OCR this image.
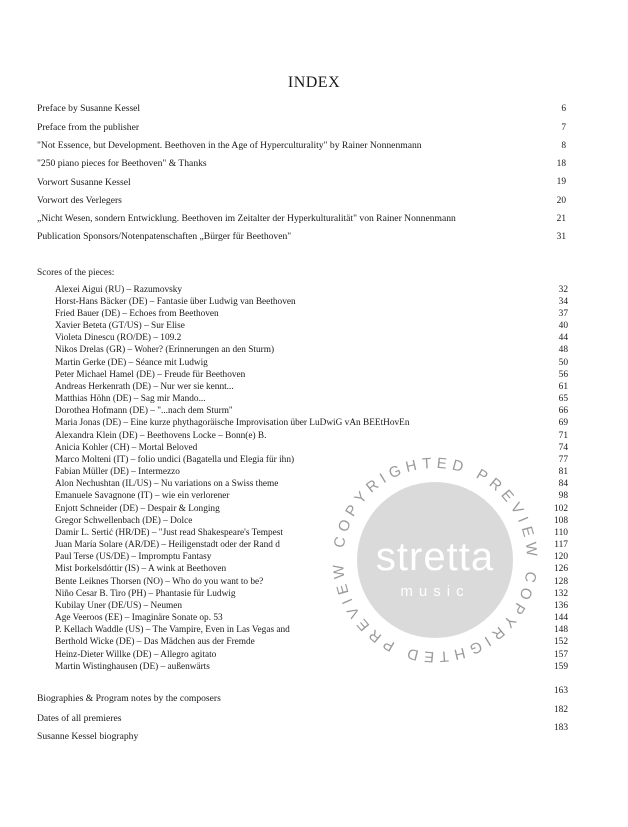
INDEX
Preface by Susanne Kessel	6
Preface from the publisher	7
"Not Essence, but Development. Beethoven in the Age of Hyperculturality" by Rainer Nonnenmann	8
"250 piano pieces for Beethoven" & Thanks	18
Vorwort Susanne Kessel	19
Vorwort des Verlegers	20
„Nicht Wesen, sondern Entwicklung. Beethoven im Zeitalter der Hyperkulturalität" von Rainer Nonnenmann	21
Publication Sponsors/Notenpatenschaften „Bürger für Beethoven"	31
Scores of the pieces:
Alexei Aigui (RU) – Razumovsky	32
Horst-Hans Bäcker (DE) – Fantasie über Ludwig van Beethoven	34
Fried Bauer (DE) – Echoes from Beethoven	37
Xavier Beteta (GT/US) – Sur Elise	40
Violeta Dinescu (RO/DE) – 109.2	44
Nikos Drelas (GR) – Woher? (Erinnerungen an den Sturm)	48
Martin Gerke (DE) – Séance mit Ludwig	50
Peter Michael Hamel (DE) – Freude für Beethoven	56
Andreas Herkenrath (DE) – Nur wer sie kennt...	61
Matthias Höhn (DE) – Sag mir Mando...	65
Dorothea Hofmann (DE) – "...nach dem Sturm"	66
Maria Jonas (DE) – Eine kurze phythagoräische Improvisation über LuDwiG vAn BEEtHovEn	69
Alexandra Klein (DE) – Beethovens Locke – Bonn(e) B.	71
Anicia Kohler (CH) – Mortal Beloved	74
Marco Molteni (IT) – folio undici (Bagatella und Elegia für ihn)	77
Fabian Müller (DE) – Intermezzo	81
Alon Nechushtan (IL/US) – Nu variations on a Swiss theme	84
Emanuele Savagnone (IT) – wie ein verlorener	98
Enjott Schneider (DE) – Despair & Longing	102
Gregor Schwellenbach (DE) – Dolce	108
Damir L. Sertić (HR/DE) – "Just read Shakespeare's Tempest	110
Juan María Solare (AR/DE) – Heiligenstadt oder der Rand d	117
Paul Terse (US/DE) – Impromptu Fantasy	120
Mist Þorkelsdóttir (IS) – A wink at Beethoven	126
Bente Leiknes Thorsen (NO) – Who do you want to be?	128
Niño Cesar B. Tiro (PH) – Phantasie für Ludwig	132
Kubilay Uner (DE/US) – Neumen	136
Age Veeroos (EE) – Imaginäre Sonate op. 53	144
P. Kellach Waddle (US) – The Vampire, Even in Las Vegas and	148
Berthold Wicke (DE) – Das Mädchen aus der Fremde	152
Heinz-Dieter Willke (DE) – Allegro agitato	157
Martin Wistinghausen (DE) – außenwärts	159
Biographies & Program notes by the composers
163
Dates of all premieres
182
Susanne Kessel biography
183
COPYRIGHTED PREVIEW COPYRIGHTED PREVIEW stretta
music
